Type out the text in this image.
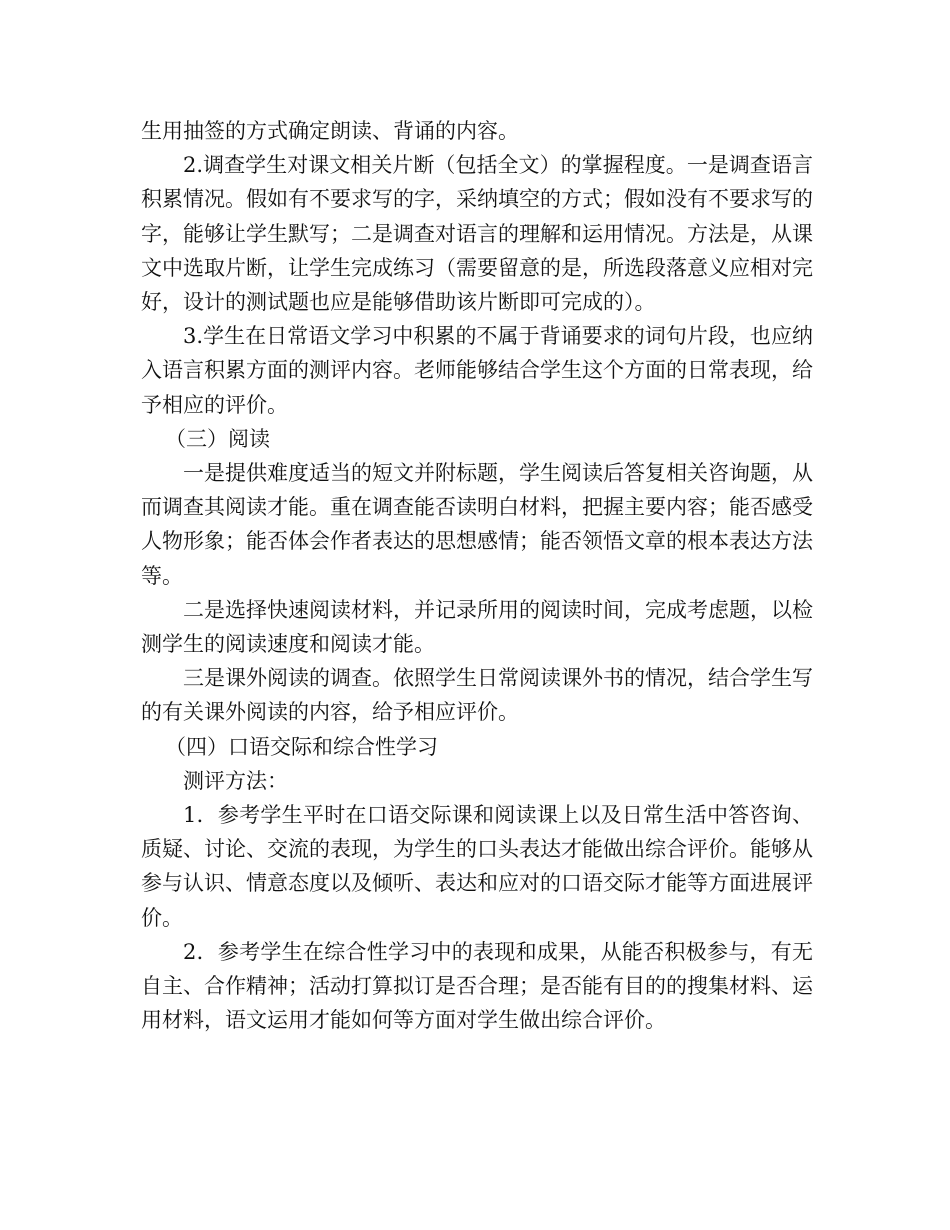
生用抽签的方式确定朗读、背诵的内容。

2.调查学生对课文相关片断（包括全文）的掌握程度。一是调查语言积累情况。假如有不要求写的字，采纳填空的方式；假如没有不要求写的字，能够让学生默写；二是调查对语言的理解和运用情况。方法是，从课文中选取片断，让学生完成练习（需要留意的是，所选段落意义应相对完好，设计的测试题也应是能够借助该片断即可完成的）。

3.学生在日常语文学习中积累的不属于背诵要求的词句片段，也应纳入语言积累方面的测评内容。老师能够结合学生这个方面的日常表现，给予相应的评价。

（三）阅读

一是提供难度适当的短文并附标题，学生阅读后答复相关咨询题，从而调查其阅读才能。重在调查能否读明白材料，把握主要内容；能否感受人物形象；能否体会作者表达的思想感情；能否领悟文章的根本表达方法等。

二是选择快速阅读材料，并记录所用的阅读时间，完成考虑题，以检测学生的阅读速度和阅读才能。

三是课外阅读的调查。依照学生日常阅读课外书的情况，结合学生写的有关课外阅读的内容，给予相应评价。

（四）口语交际和综合性学习

测评方法：

1．参考学生平时在口语交际课和阅读课上以及日常生活中答咨询、质疑、讨论、交流的表现，为学生的口头表达才能做出综合评价。能够从参与认识、情意态度以及倾听、表达和应对的口语交际才能等方面进展评价。

2．参考学生在综合性学习中的表现和成果，从能否积极参与，有无自主、合作精神；活动打算拟订是否合理；是否能有目的的搜集材料、运用材料，语文运用才能如何等方面对学生做出综合评价。
